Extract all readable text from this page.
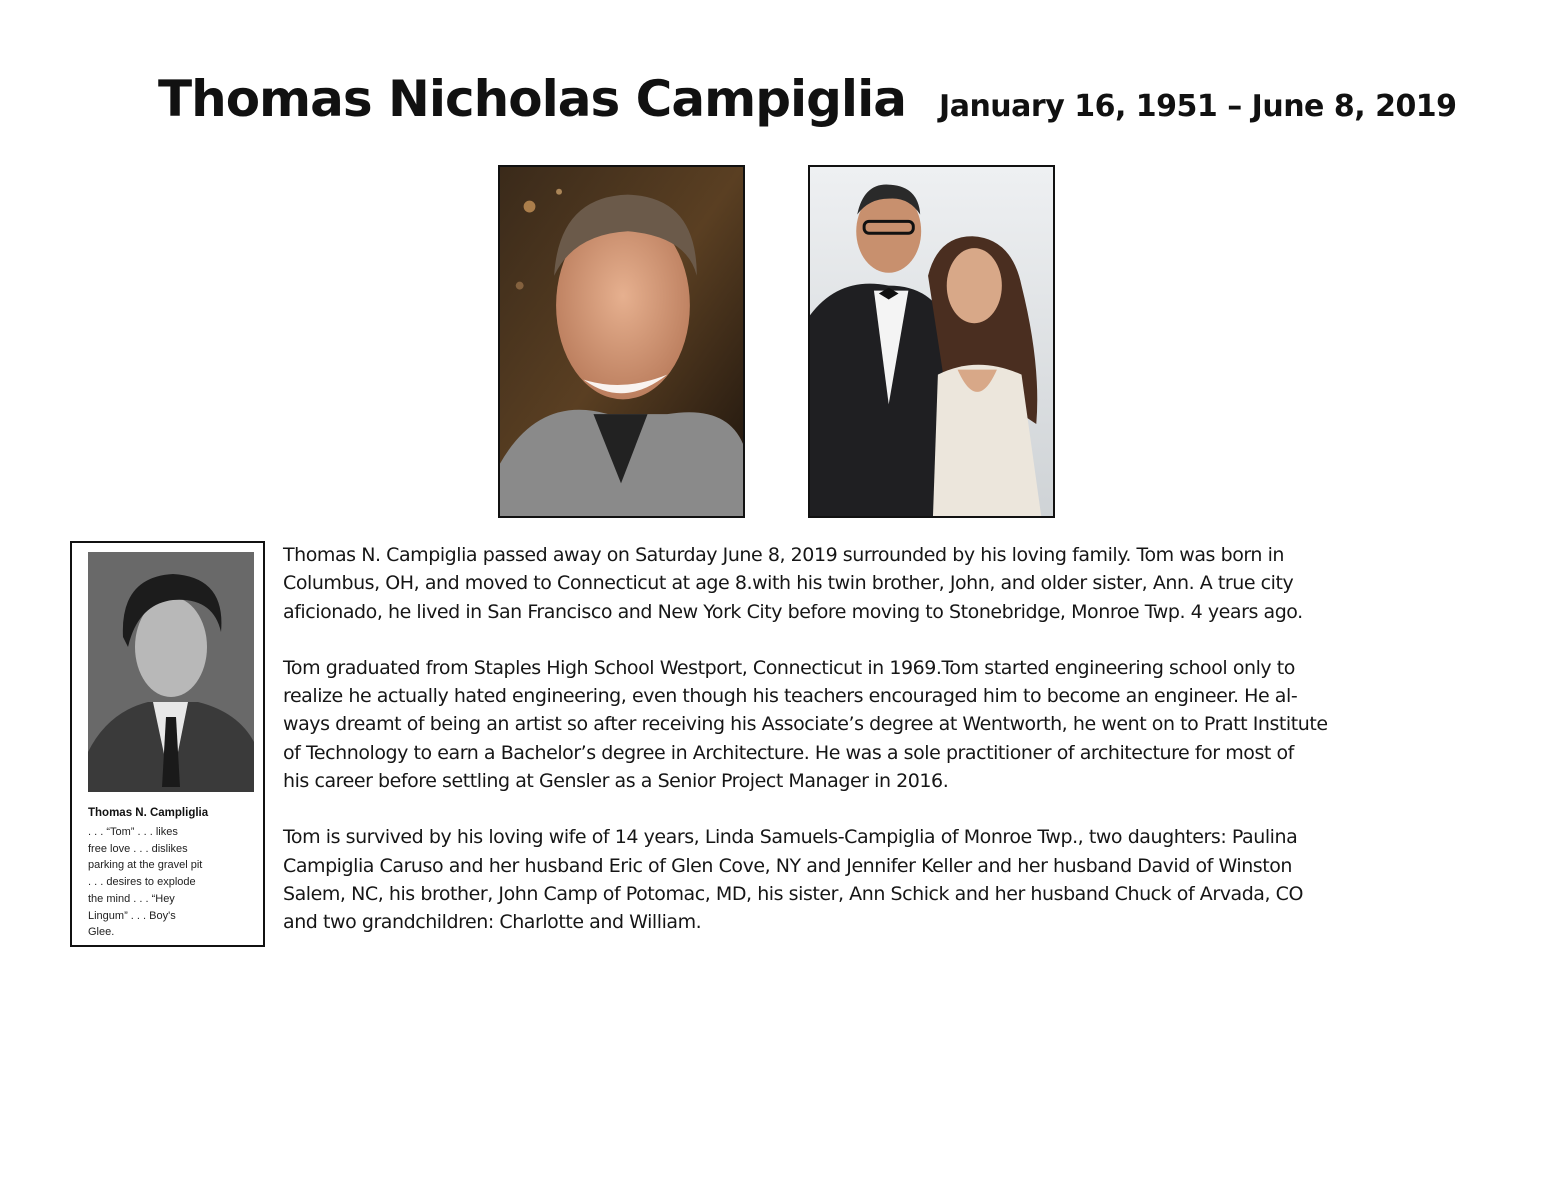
Thomas Nicholas Campiglia January 16, 1951 – June 8, 2019
Thomas N. Campliglia
. . . “Tom” . . . likes
free love . . . dislikes
parking at the gravel pit
. . . desires to explode
the mind . . . “Hey
Lingum” . . . Boy's
Glee.

Thomas N. Campiglia passed away on Saturday June 8, 2019 surrounded by his loving family. Tom was born in
Columbus, OH, and moved to Connecticut at age 8.with his twin brother, John, and older sister, Ann. A true city
aficionado, he lived in San Francisco and New York City before moving to Stonebridge, Monroe Twp. 4 years ago.

Tom graduated from Staples High School Westport, Connecticut in 1969.Tom started engineering school only to
realize he actually hated engineering, even though his teachers encouraged him to become an engineer. He al-
ways dreamt of being an artist so after receiving his Associate’s degree at Wentworth, he went on to Pratt Institute
of Technology to earn a Bachelor’s degree in Architecture. He was a sole practitioner of architecture for most of
his career before settling at Gensler as a Senior Project Manager in 2016.

Tom is survived by his loving wife of 14 years, Linda Samuels-Campiglia of Monroe Twp., two daughters: Paulina
Campiglia Caruso and her husband Eric of Glen Cove, NY and Jennifer Keller and her husband David of Winston
Salem, NC, his brother, John Camp of Potomac, MD, his sister, Ann Schick and her husband Chuck of Arvada, CO
and two grandchildren: Charlotte and William.
